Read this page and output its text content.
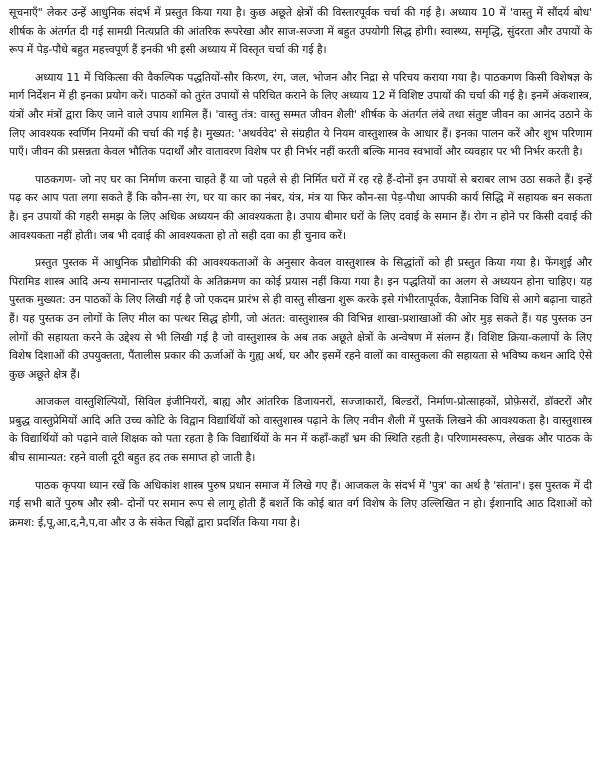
सूचनाएँ" लेकर उन्हें आधुनिक संदर्भ में प्रस्तुत किया गया है। कुछ अछूते क्षेत्रों की विस्तारपूर्वक चर्चा की गई है। अध्याय 10 में 'वास्तु में सौंदर्य बोध' शीर्षक के अंतर्गत दी गई सामग्री नित्यप्रति की आंतरिक रूपरेखा और साज-सज्जा में बहुत उपयोगी सिद्ध होगी। स्वास्थ्य, समृद्धि, सुंदरता और उपायों के रूप में पेड़-पौधे बहुत महत्त्वपूर्ण हैं इनकी भी इसी अध्याय में विस्तृत चर्चा की गई है।

अध्याय 11 में चिकित्सा की वैकल्पिक पद्धतियों-सौर किरण, रंग, जल, भोजन और निद्रा से परिचय कराया गया है। पाठकगण किसी विशेषज्ञ के मार्ग निर्देशन में ही इनका प्रयोग करें। पाठकों को तुरंत उपायों से परिचित कराने के लिए अध्याय 12 में विशिष्ट उपायों की चर्चा की गई है। इनमें अंकशास्त्र, यंत्रों और मंत्रों द्वारा किए जाने वाले उपाय शामिल हैं। 'वास्तु तंत्र: वास्तु सम्मत जीवन शैली' शीर्षक के अंतर्गत लंबे तथा संतुष्ट जीवन का आनंद उठाने के लिए आवश्यक स्वर्णिम नियमों की चर्चा की गई है। मुख्यत: 'अथर्ववेद' से संग्रहीत ये नियम वास्तुशास्त्र के आधार हैं। इनका पालन करें और शुभ परिणाम पाएँ। जीवन की प्रसन्नता केवल भौतिक पदार्थों और वातावरण विशेष पर ही निर्भर नहीं करती बल्कि मानव स्वभावों और व्यवहार पर भी निर्भर करती है।

पाठकगण- जो नए घर का निर्माण करना चाहते हैं या जो पहले से ही निर्मित घरों में रह रहे हैं-दोनों इन उपायों से बराबर लाभ उठा सकते हैं। इन्हें पढ़ कर आप पता लगा सकते हैं कि कौन-सा रंग, घर या कार का नंबर, यंत्र, मंत्र या फिर कौन-सा पेड़-पौधा आपकी कार्य सिद्धि में सहायक बन सकता है। इन उपायों की गहरी समझ के लिए अधिक अध्ययन की आवश्यकता है। उपाय बीमार घरों के लिए दवाई के समान हैं। रोग न होने पर किसी दवाई की आवश्यकता नहीं होती। जब भी दवाई की आवश्यकता हो तो सही दवा का ही चुनाव करें।

प्रस्तुत पुस्तक में आधुनिक प्रौद्योगिकी की आवश्यकताओं के अनुसार केवल वास्तुशास्त्र के सिद्धांतों को ही प्रस्तुत किया गया है। फेंगशुई और पिरामिड शास्त्र आदि अन्य समानान्तर पद्धतियों के अतिक्रमण का कोई प्रयास नहीं किया गया है। इन पद्धतियों का अलग से अध्ययन होना चाहिए। यह पुस्तक मुख्यत: उन पाठकों के लिए लिखी गई है जो एकदम प्रारंभ से ही वास्तु सीखना शुरू करके इसे गंभीरतापूर्वक, वैज्ञानिक विधि से आगे बढ़ाना चाहते हैं। यह पुस्तक उन लोगों के लिए मील का पत्थर सिद्ध होगी, जो अंतत: वास्तुशास्त्र की विभिन्न शाखा-प्रशाखाओं की ओर मुड़ सकते हैं। यह पुस्तक उन लोगों की सहायता करने के उद्देश्य से भी लिखी गई है जो वास्तुशास्त्र के अब तक अछूते क्षेत्रों के अन्वेषण में संलग्न हैं। विशिष्ट क्रिया-कलापों के लिए विशेष दिशाओं की उपयुक्तता, पैंतालीस प्रकार की ऊर्जाओं के गुह्य अर्थ, घर और इसमें रहने वालों का वास्तुकला की सहायता से भविष्य कथन आदि ऐसे कुछ अछूते क्षेत्र हैं।

आजकल वास्तुशिल्पियों, सिविल इंजीनियरों, बाह्य और आंतरिक डिजायनरों, सज्जाकारों, बिल्डरों, निर्माण-प्रोत्साहकों, प्रोफ़ेसरों, डॉक्टरों और प्रबुद्ध वास्तुप्रेमियों आदि अति उच्च कोटि के विद्वान विद्यार्थियों को वास्तुशास्त्र पढ़ाने के लिए नवीन शैली में पुस्तकें लिखने की आवश्यकता है। वास्तुशास्त्र के विद्यार्थियों को पढ़ाने वाले शिक्षक को पता रहता है कि विद्यार्थियों के मन में कहाँ-कहाँ भ्रम की स्थिति रहती है। परिणामस्वरूप, लेखक और पाठक के बीच सामान्यत: रहने वाली दूरी बहुत हद तक समाप्त हो जाती है।

पाठक कृपया ध्यान रखें कि अधिकांश शास्त्र पुरुष प्रधान समाज में लिखे गए हैं। आजकल के संदर्भ में 'पुत्र' का अर्थ है 'संतान'। इस पुस्तक में दी गई सभी बातें पुरुष और स्त्री- दोनों पर समान रूप से लागू होती हैं बशर्ते कि कोई बात वर्ग विशेष के लिए उल्लिखित न हो। ईशानादि आठ दिशाओं को क्रमश: ई,पू,आ,द,नै,प,वा और उ के संकेत चिह्नों द्वारा प्रदर्शित किया गया है।
